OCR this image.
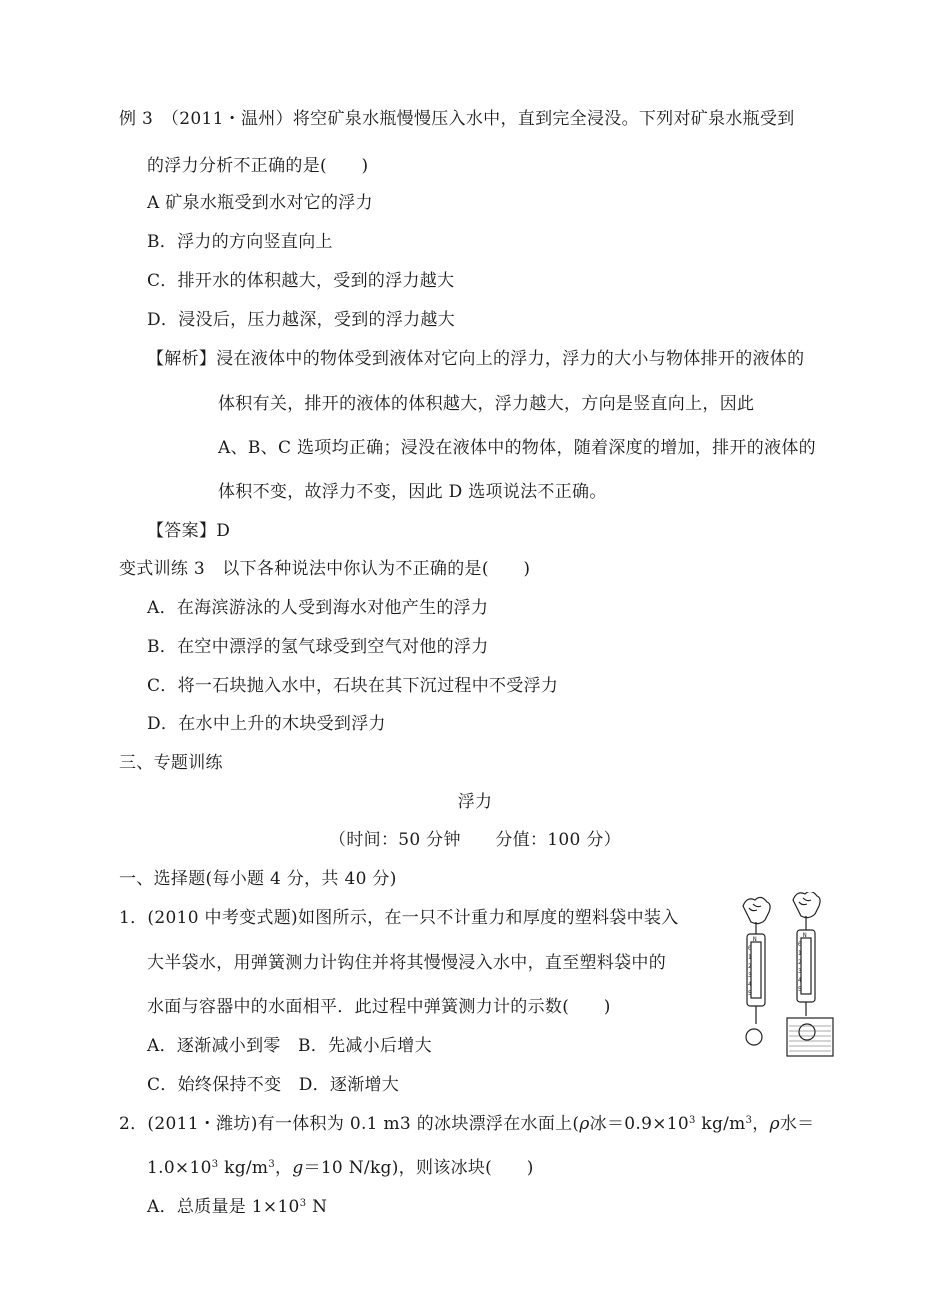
例 3　（2011・温州）将空矿泉水瓶慢慢压入水中，直到完全浸没。下列对矿泉水瓶受到
的浮力分析不正确的是(　　)
A 矿泉水瓶受到水对它的浮力
B．浮力的方向竖直向上
C．排开水的体积越大，受到的浮力越大
D．浸没后，压力越深，受到的浮力越大
【解析】浸在液体中的物体受到液体对它向上的浮力，浮力的大小与物体排开的液体的
体积有关，排开的液体的体积越大，浮力越大，方向是竖直向上，因此
A、B、C 选项均正确；浸没在液体中的物体，随着深度的增加，排开的液体的
体积不变，故浮力不变，因此 D 选项说法不正确。
【答案】D
变式训练 3　以下各种说法中你认为不正确的是(　　)
A．在海滨游泳的人受到海水对他产生的浮力
B．在空中漂浮的氢气球受到空气对他的浮力
C．将一石块抛入水中，石块在其下沉过程中不受浮力
D．在水中上升的木块受到浮力
三、专题训练
浮力
（时间：50 分钟　　分值：100 分）
一、选择题(每小题 4 分，共 40 分)
1．(2010 中考变式题)如图所示，在一只不计重力和厚度的塑料袋中装入
大半袋水，用弹簧测力计钩住并将其慢慢浸入水中，直至塑料袋中的
水面与容器中的水面相平．此过程中弹簧测力计的示数(　　)
A．逐渐减小到零　B．先减小后增大
C．始终保持不变　D．逐渐增大
N
0
1
2
3
4
5
N
0
1
2
3
4
5
2．(2011・潍坊)有一体积为 0.1 m3 的冰块漂浮在水面上(ρ冰$=0.9\times 10^3$ $kg/m^3$，ρ水＝
$1.0\times 10^3$ $kg/m^3$，g＝10 N/kg)，则该冰块(　　)
A．总质量是 $1\times 10^3$ N
